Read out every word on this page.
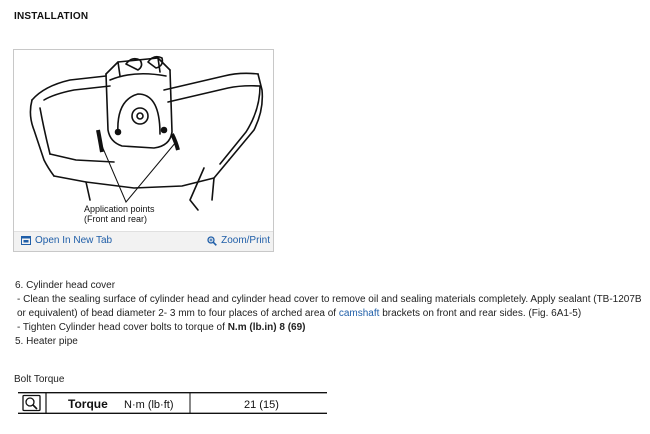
INSTALLATION
Application points
(Front and rear)
Open In New Tab	Zoom/Print

6. Cylinder head cover

- Clean the sealing surface of cylinder head and cylinder head cover to remove oil and sealing materials completely. Apply sealant (TB-1207B or equivalent) of bead diameter 2- 3 mm to four places of arched area of camshaft brackets on front and rear sides. (Fig. 6A1-5)

- Tighten Cylinder head cover bolts to torque of N.m (lb.in) 8 (69)

5. Heater pipe

Bolt Torque
Torque N·m (lb·ft)	21 (15)
